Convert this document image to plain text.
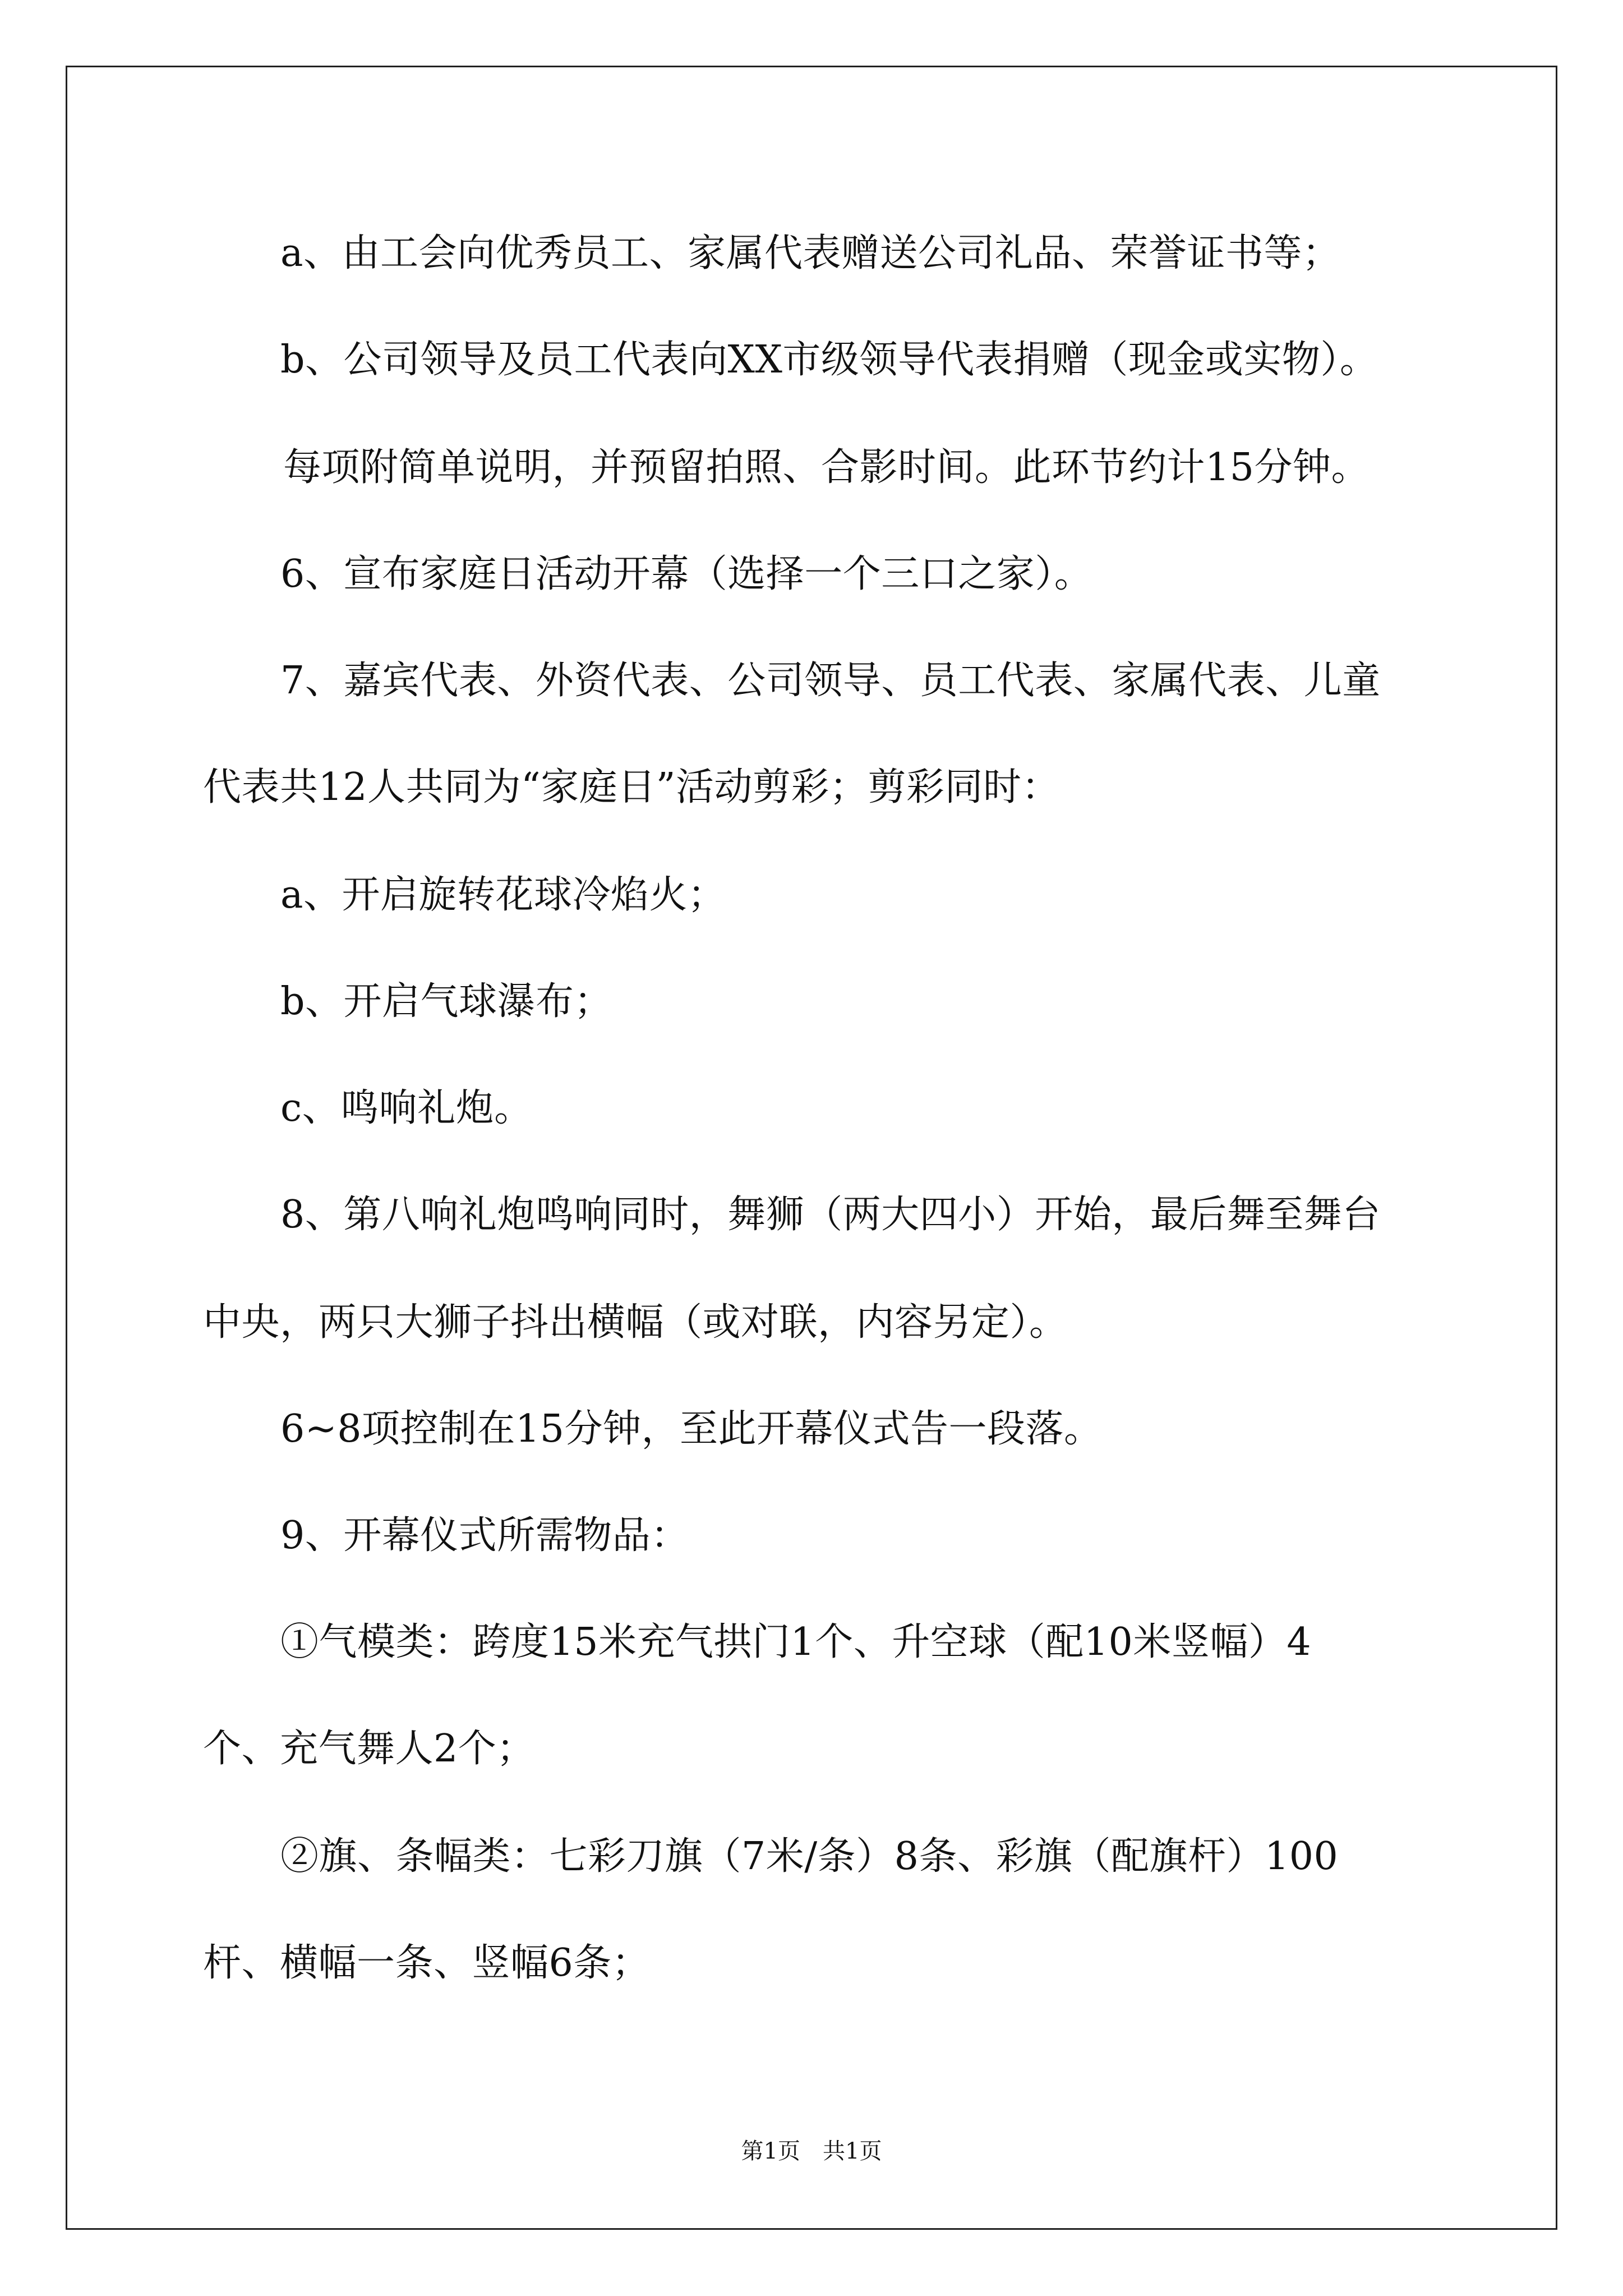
a、由工会向优秀员工、家属代表赠送公司礼品、荣誉证书等；
b、公司领导及员工代表向XX市级领导代表捐赠（现金或实物）。
每项附简单说明，并预留拍照、合影时间。此环节约计15分钟。
6、宣布家庭日活动开幕（选择一个三口之家）。
7、嘉宾代表、外资代表、公司领导、员工代表、家属代表、儿童
代表共12人共同为“家庭日”活动剪彩；剪彩同时：
a、开启旋转花球冷焰火；
b、开启气球瀑布；
c、鸣响礼炮。
8、第八响礼炮鸣响同时，舞狮（两大四小）开始，最后舞至舞台
中央，两只大狮子抖出横幅（或对联，内容另定）。
6~8项控制在15分钟，至此开幕仪式告一段落。
9、开幕仪式所需物品：
①气模类：跨度15米充气拱门1个、升空球（配10米竖幅）4
个、充气舞人2个；
②旗、条幅类：七彩刀旗（7米/条）8条、彩旗（配旗杆）100
杆、横幅一条、竖幅6条；
第1页　共1页
